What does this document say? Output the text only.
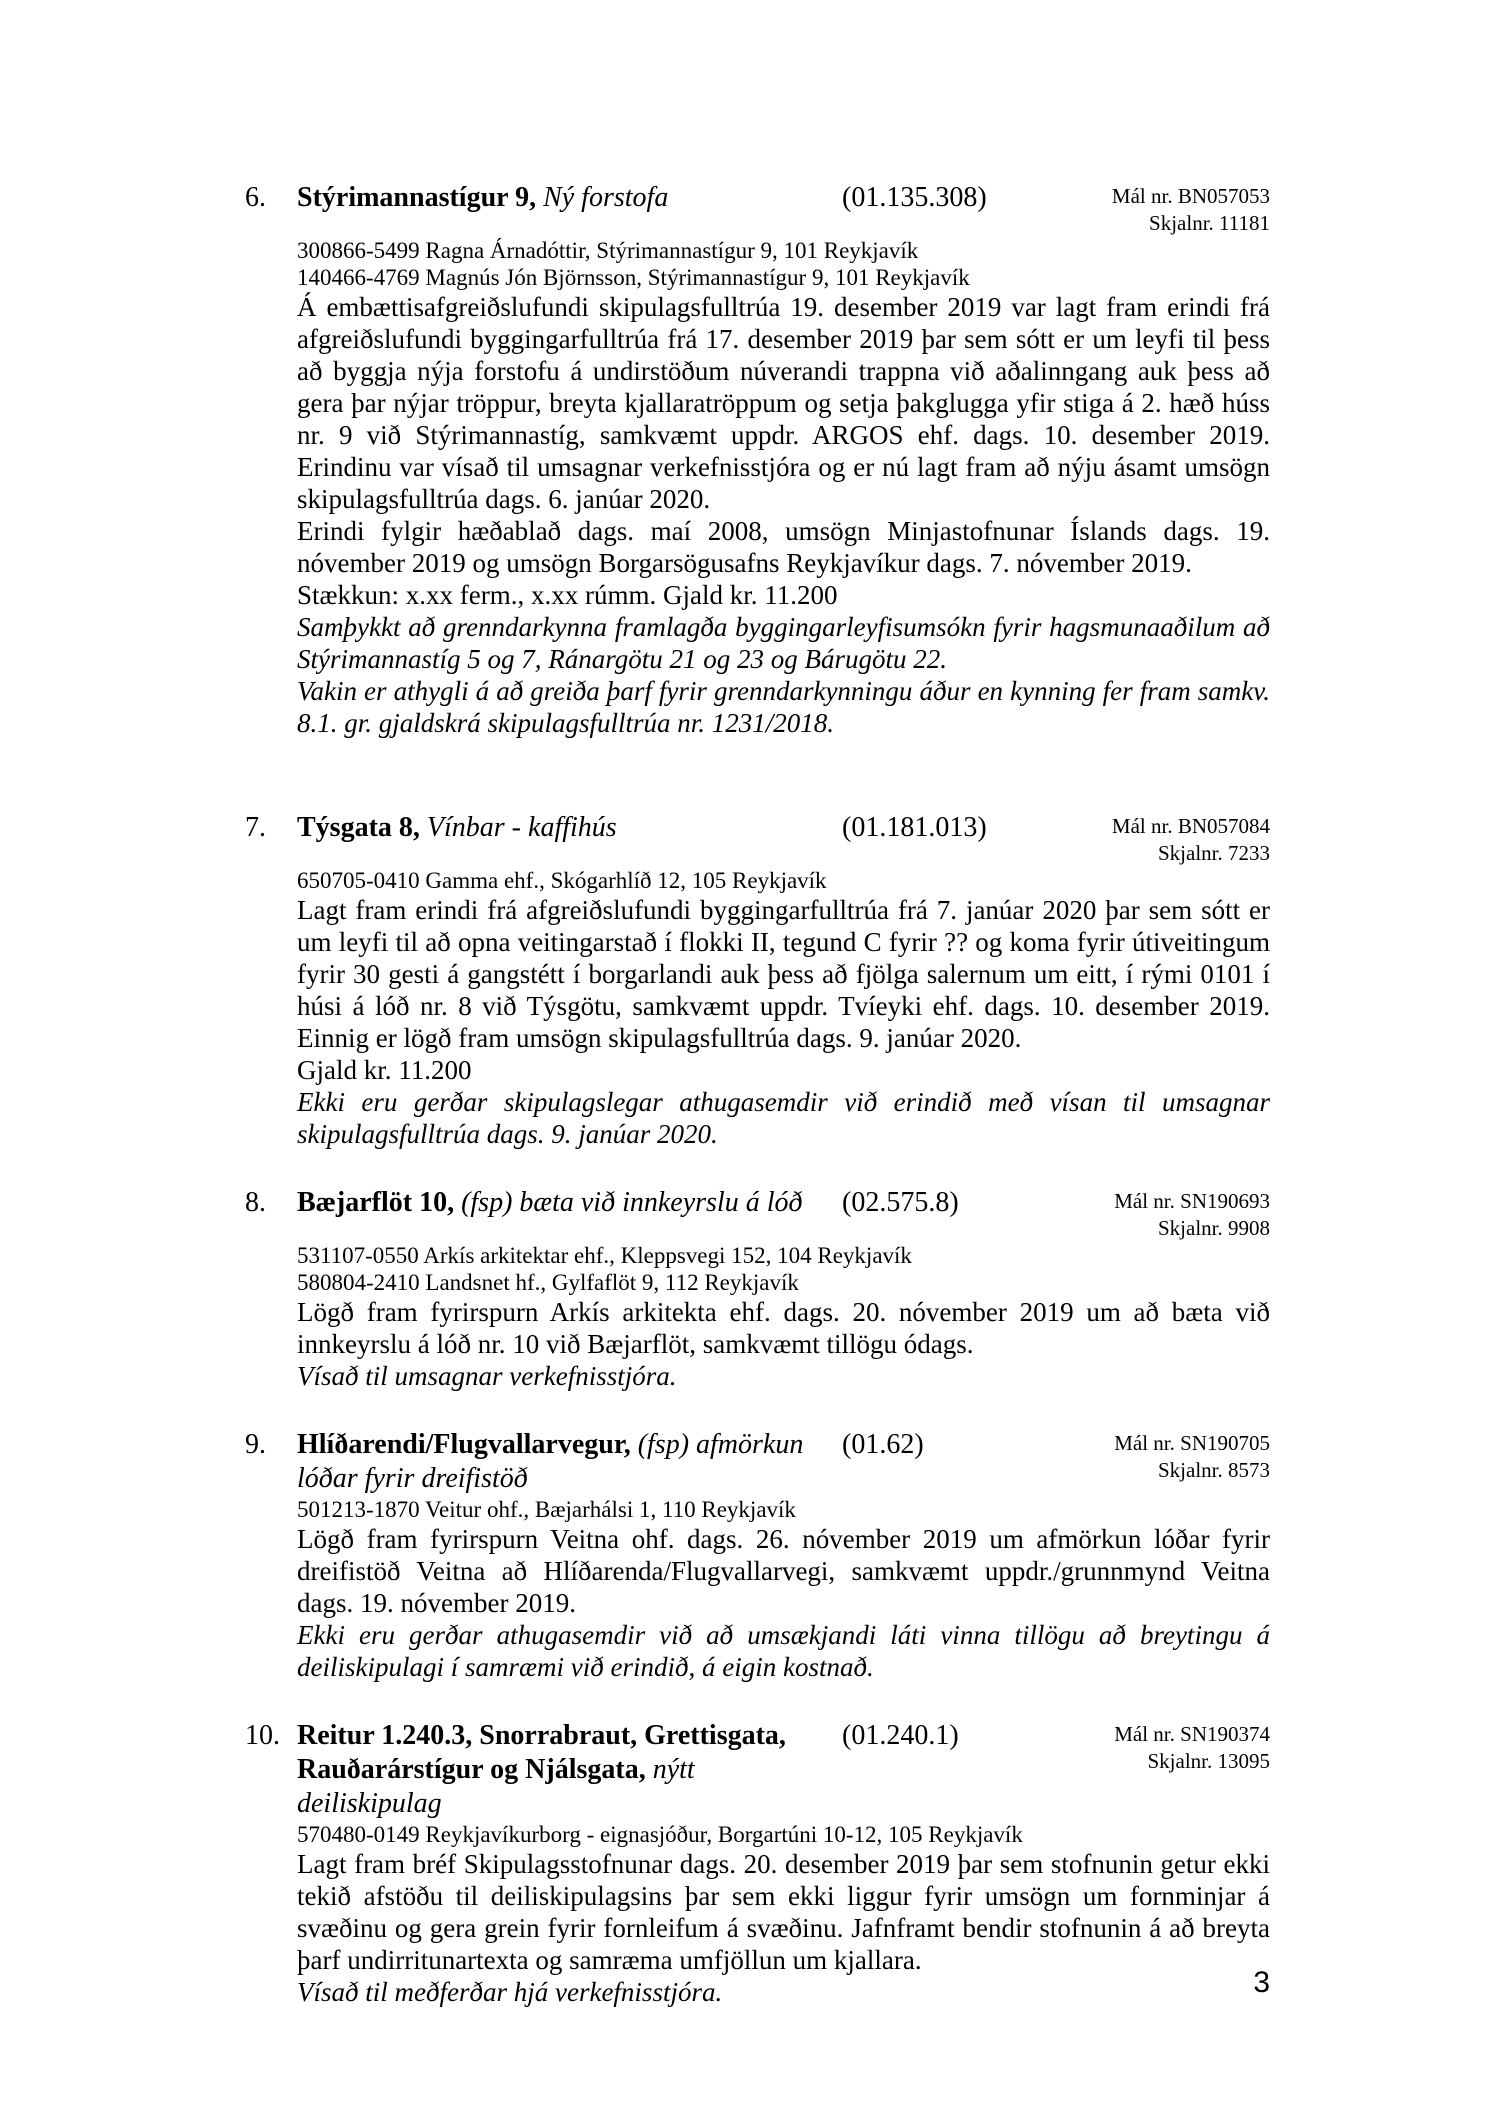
6.	Stýrimannastígur 9, Ný forstofa	(01.135.308)	Mál nr. BN057053
Skjalnr. 11181
300866-5499 Ragna Árnadóttir, Stýrimannastígur 9, 101 Reykjavík
140466-4769 Magnús Jón Björnsson, Stýrimannastígur 9, 101 Reykjavík

Á embættisafgreiðslufundi skipulagsfulltrúa 19. desember 2019 var lagt fram erindi frá afgreiðslufundi byggingarfulltrúa frá 17. desember 2019 þar sem sótt er um leyfi til þess að byggja nýja forstofu á undirstöðum núverandi trappna við aðalinngang auk þess að gera þar nýjar tröppur, breyta kjallaratröppum og setja þakglugga yfir stiga á 2. hæð húss nr. 9 við Stýrimannastíg, samkvæmt uppdr. ARGOS ehf. dags. 10. desember 2019. Erindinu var vísað til umsagnar verkefnisstjóra og er nú lagt fram að nýju ásamt umsögn skipulagsfulltrúa dags. 6. janúar 2020.

Erindi fylgir hæðablað dags. maí 2008, umsögn Minjastofnunar Íslands dags. 19. nóvember 2019 og umsögn Borgarsögusafns Reykjavíkur dags. 7. nóvember 2019.

Stækkun: x.xx ferm., x.xx rúmm. Gjald kr. 11.200

Samþykkt að grenndarkynna framlagða byggingarleyfisumsókn fyrir hagsmunaaðilum að Stýrimannastíg 5 og 7, Ránargötu 21 og 23 og Bárugötu 22.

Vakin er athygli á að greiða þarf fyrir grenndarkynningu áður en kynning fer fram samkv. 8.1. gr. gjaldskrá skipulagsfulltrúa nr. 1231/2018.

7.	Týsgata 8, Vínbar - kaffihús	(01.181.013)	Mál nr. BN057084
Skjalnr. 7233
650705-0410 Gamma ehf., Skógarhlíð 12, 105 Reykjavík

Lagt fram erindi frá afgreiðslufundi byggingarfulltrúa frá 7. janúar 2020 þar sem sótt er um leyfi til að opna veitingarstað í flokki II, tegund C fyrir ?? og koma fyrir útiveitingum fyrir 30 gesti á gangstétt í borgarlandi auk þess að fjölga salernum um eitt, í rými 0101 í húsi á lóð nr. 8 við Týsgötu, samkvæmt uppdr. Tvíeyki ehf. dags. 10. desember 2019. Einnig er lögð fram umsögn skipulagsfulltrúa dags. 9. janúar 2020.

Gjald kr. 11.200

Ekki eru gerðar skipulagslegar athugasemdir við erindið með vísan til umsagnar skipulagsfulltrúa dags. 9. janúar 2020.

8.	Bæjarflöt 10, (fsp) bæta við innkeyrslu á lóð	(02.575.8)	Mál nr. SN190693
Skjalnr. 9908
531107-0550 Arkís arkitektar ehf., Kleppsvegi 152, 104 Reykjavík
580804-2410 Landsnet hf., Gylfaflöt 9, 112 Reykjavík

Lögð fram fyrirspurn Arkís arkitekta ehf. dags. 20. nóvember 2019 um að bæta við innkeyrslu á lóð nr. 10 við Bæjarflöt, samkvæmt tillögu ódags.

Vísað til umsagnar verkefnisstjóra.

9.	Hlíðarendi/Flugvallarvegur, (fsp) afmörkun lóðar fyrir dreifistöð
(01.62)	Mál nr. SN190705
Skjalnr. 8573
501213-1870 Veitur ohf., Bæjarhálsi 1, 110 Reykjavík

Lögð fram fyrirspurn Veitna ohf. dags. 26. nóvember 2019 um afmörkun lóðar fyrir dreifistöð Veitna að Hlíðarenda/Flugvallarvegi, samkvæmt uppdr./grunnmynd Veitna dags. 19. nóvember 2019.

Ekki eru gerðar athugasemdir við að umsækjandi láti vinna tillögu að breytingu á deiliskipulagi í samræmi við erindið, á eigin kostnað.

10. Reitur 1.240.3, Snorrabraut, Grettisgata, Rauðarárstígur og Njálsgata, nýtt deiliskipulag
(01.240.1)	Mál nr. SN190374
Skjalnr. 13095
570480-0149 Reykjavíkurborg - eignasjóður, Borgartúni 10-12, 105 Reykjavík

Lagt fram bréf Skipulagsstofnunar dags. 20. desember 2019 þar sem stofnunin getur ekki tekið afstöðu til deiliskipulagsins þar sem ekki liggur fyrir umsögn um fornminjar á svæðinu og gera grein fyrir fornleifum á svæðinu. Jafnframt bendir stofnunin á að breyta þarf undirritunartexta og samræma umfjöllun um kjallara.

Vísað til meðferðar hjá verkefnisstjóra.	3
